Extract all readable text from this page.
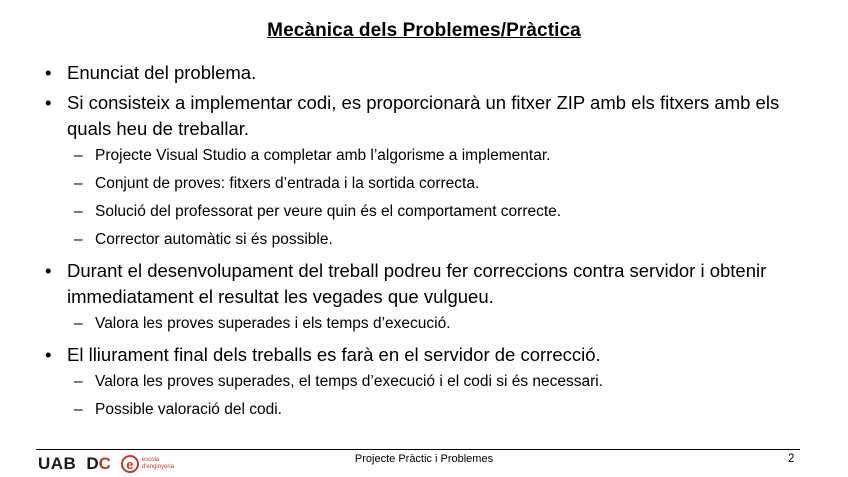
Mecànica dels Problemes/Pràctica
• Enunciat del problema.
• Si consisteix a implementar codi, es proporcionarà un fitxer ZIP amb els fitxers amb els quals heu de treballar.
– Projecte Visual Studio a completar amb l’algorisme a implementar.
– Conjunt de proves: fitxers d’entrada i la sortida correcta.
– Solució del professorat per veure quin és el comportament correcte.
– Corrector automàtic si és possible.
• Durant el desenvolupament del treball podreu fer correccions contra servidor i obtenir immediatament el resultat les vegades que vulgueu.
– Valora les proves superades i els temps d’execució.
• El lliurament final dels treballs es farà en el servidor de correcció.
– Valora les proves superades, el temps d’execució i el codi si és necessari.
– Possible valoració del codi.
UAB DC	e	escola
d'enginyeria
Projecte Pràctic i Problemes	2
